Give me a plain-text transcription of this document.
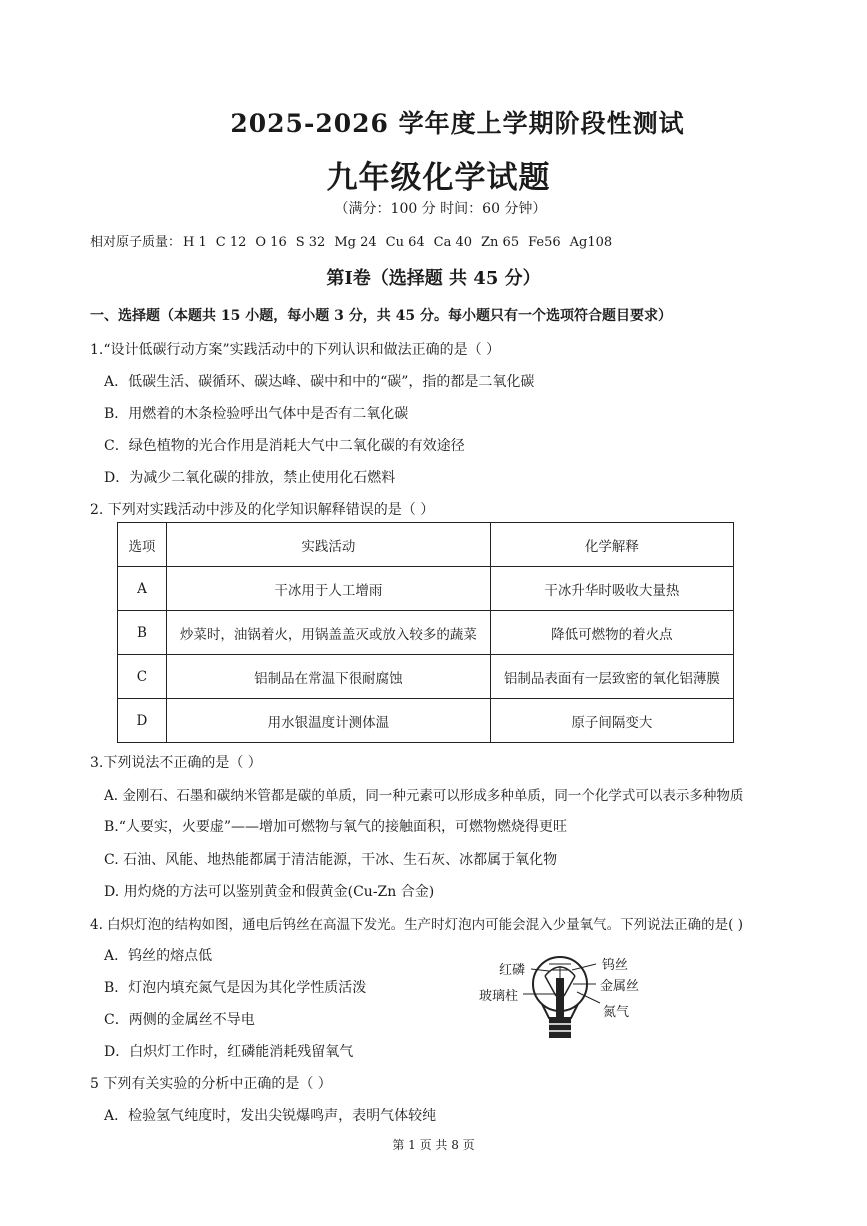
2025-2026 学年度上学期阶段性测试
九年级化学试题
（满分：100 分 时间：60 分钟）
相对原子质量： H 1 C 12 O 16 S 32 Mg 24 Cu 64 Ca 40 Zn 65 Fe56 Ag108
第Ⅰ卷（选择题 共 45 分）
一、选择题（本题共 15 小题，每小题 3 分，共 45 分。每小题只有一个选项符合题目要求）
1.“设计低碳行动方案”实践活动中的下列认识和做法正确的是（ ）
A．低碳生活、碳循环、碳达峰、碳中和中的“碳”，指的都是二氧化碳
B．用燃着的木条检验呼出气体中是否有二氧化碳
C．绿色植物的光合作用是消耗大气中二氧化碳的有效途径
D．为减少二氧化碳的排放，禁止使用化石燃料
2. 下列对实践活动中涉及的化学知识解释错误的是（ ）
选项	实践活动	化学解释
A	干冰用于人工增雨	干冰升华时吸收大量热
B	炒菜时，油锅着火，用锅盖盖灭或放入较多的蔬菜	降低可燃物的着火点
C	铝制品在常温下很耐腐蚀	铝制品表面有一层致密的氧化铝薄膜
D	用水银温度计测体温	原子间隔变大
3.下列说法不正确的是（ ）
A. 金刚石、石墨和碳纳米管都是碳的单质，同一种元素可以形成多种单质，同一个化学式可以表示多种物质
B.“人要实，火要虚”——增加可燃物与氧气的接触面积，可燃物燃烧得更旺
C. 石油、风能、地热能都属于清洁能源，干冰、生石灰、冰都属于氧化物
D. 用灼烧的方法可以鉴别黄金和假黄金(Cu-Zn 合金)
4. 白炽灯泡的结构如图，通电后钨丝在高温下发光。生产时灯泡内可能会混入少量氧气。下列说法正确的是( )
A．钨丝的熔点低
B．灯泡内填充氮气是因为其化学性质活泼
C．两侧的金属丝不导电
D．白炽灯工作时，红磷能消耗残留氧气
红磷	钨丝
玻璃柱
金属丝
氮气
5 下列有关实验的分析中正确的是（ ）
A．检验氢气纯度时，发出尖锐爆鸣声，表明气体较纯
第 1 页 共 8 页
